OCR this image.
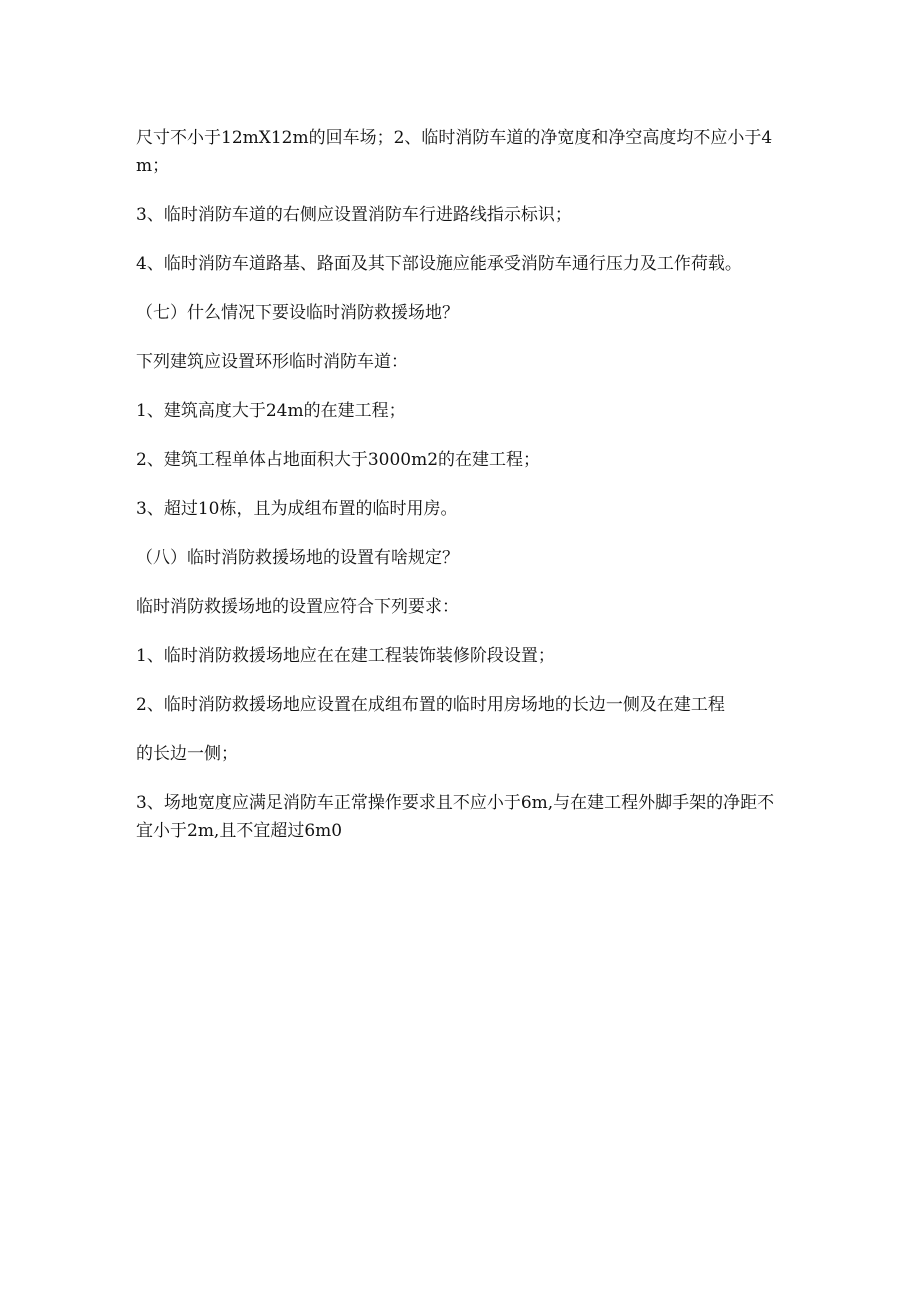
尺寸不小于12mX12m的回车场；2、临时消防车道的净宽度和净空高度均不应小于4m；

3、临时消防车道的右侧应设置消防车行进路线指示标识；

4、临时消防车道路基、路面及其下部设施应能承受消防车通行压力及工作荷载。

（七）什么情况下要设临时消防救援场地？

下列建筑应设置环形临时消防车道：

1、建筑高度大于24m的在建工程；

2、建筑工程单体占地面积大于3000m2的在建工程；

3、超过10栋，且为成组布置的临时用房。

（八）临时消防救援场地的设置有啥规定？

临时消防救援场地的设置应符合下列要求：

1、临时消防救援场地应在在建工程装饰装修阶段设置；

2、临时消防救援场地应设置在成组布置的临时用房场地的长边一侧及在建工程

的长边一侧；

3、场地宽度应满足消防车正常操作要求且不应小于6m,与在建工程外脚手架的净距不宜小于2m,且不宜超过6m0
